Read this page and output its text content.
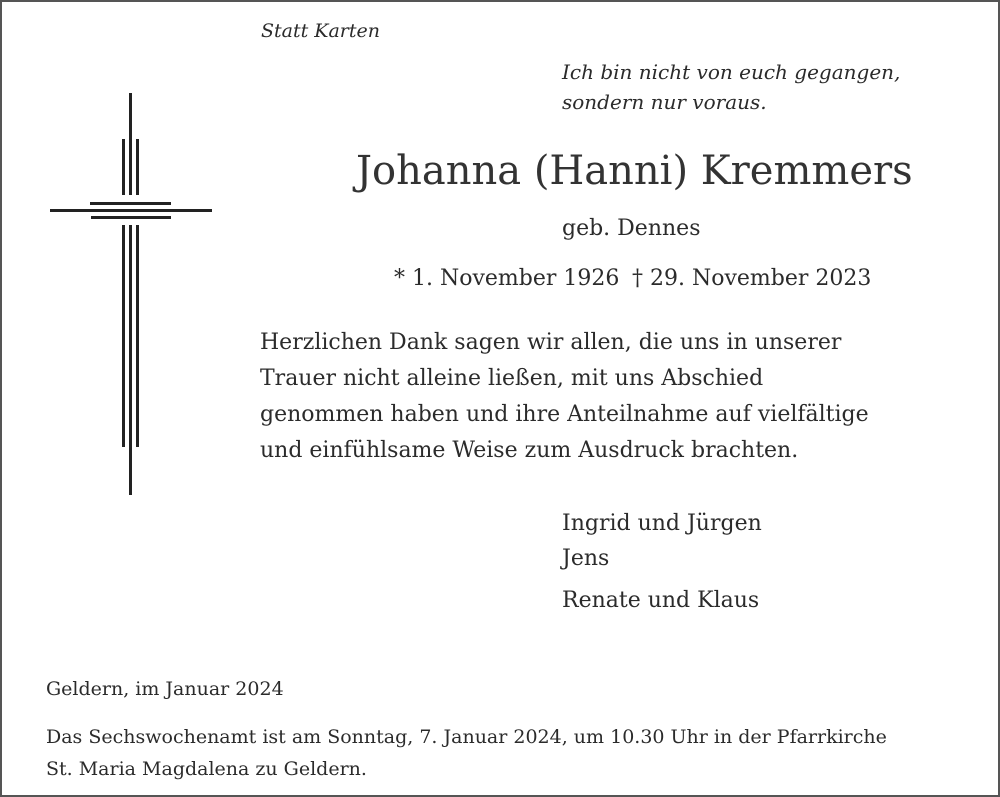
Statt Karten
Ich bin nicht von euch gegangen,
sondern nur voraus.
Johanna (Hanni) Kremmers
geb. Dennes
* 1. November 1926 † 29. November 2023
Herzlichen Dank sagen wir allen, die uns in unserer
Trauer nicht alleine ließen, mit uns Abschied
genommen haben und ihre Anteilnahme auf vielfältige
und einfühlsame Weise zum Ausdruck brachten.
Ingrid und Jürgen
Jens
Renate und Klaus
Geldern, im Januar 2024
Das Sechswochenamt ist am Sonntag, 7. Januar 2024, um 10.30 Uhr in der Pfarrkirche
St. Maria Magdalena zu Geldern.
